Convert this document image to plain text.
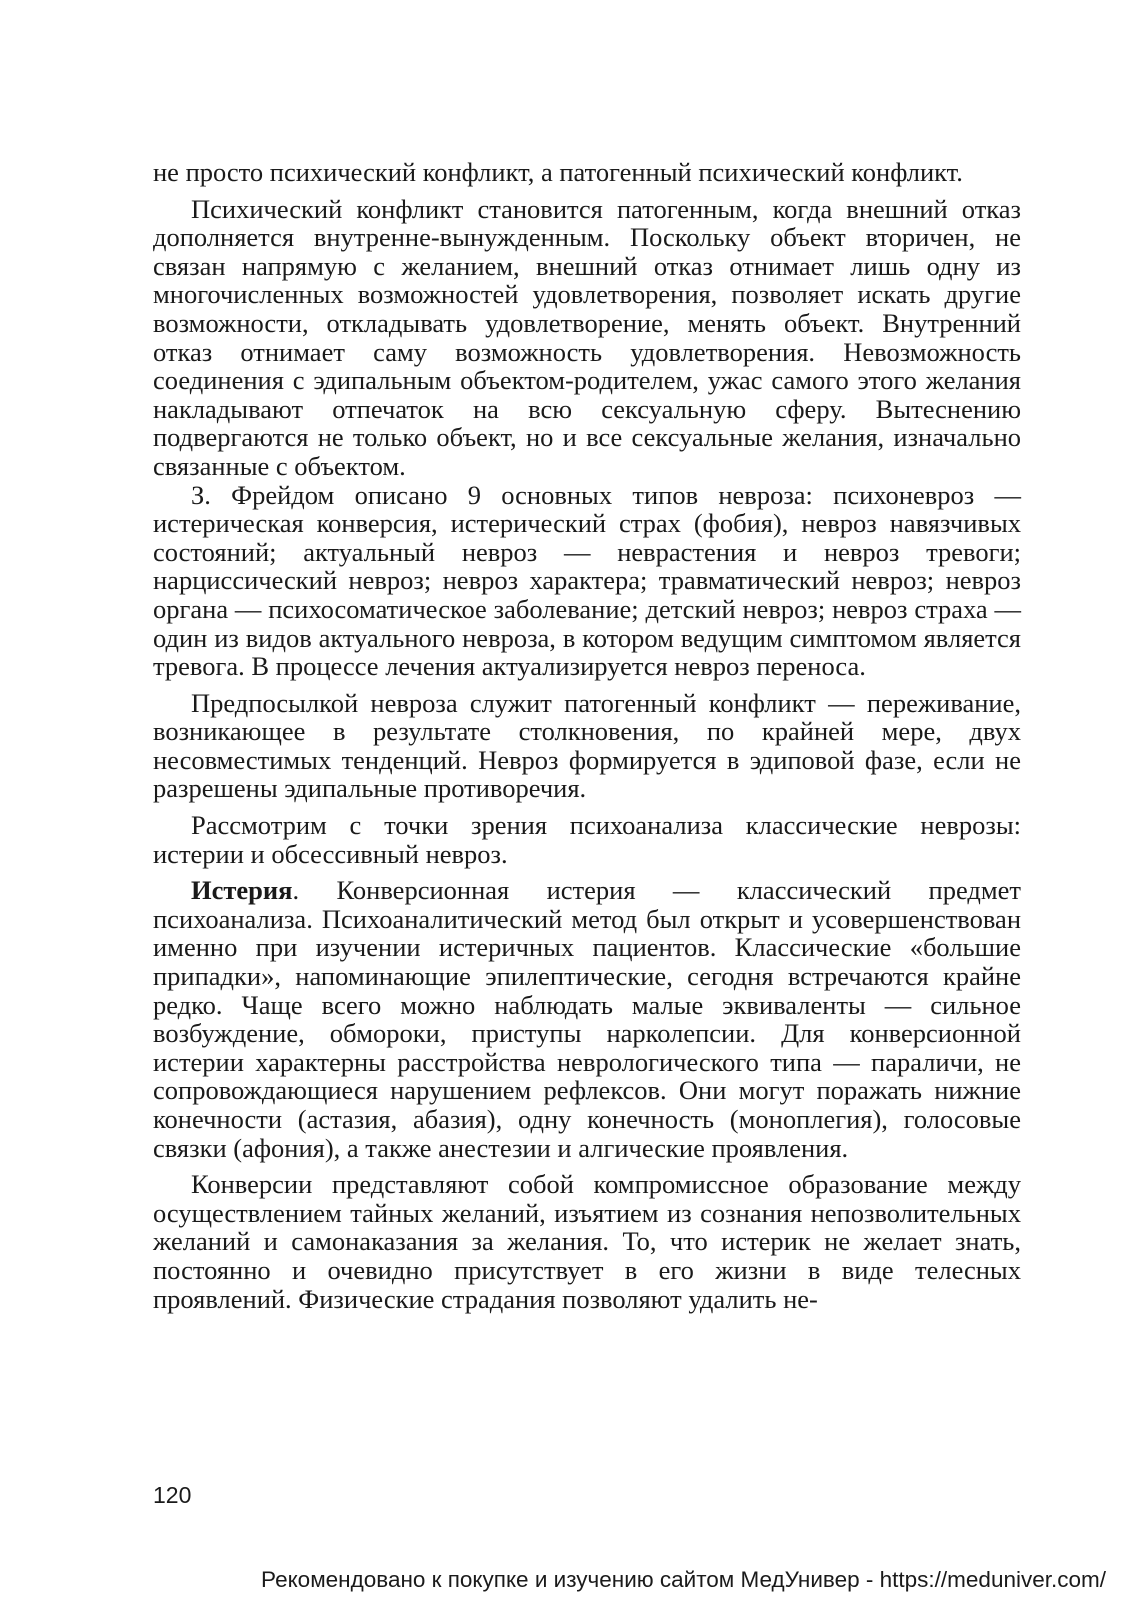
не просто психический конфликт, а патогенный психический конфликт.

Психический конфликт становится патогенным, когда внешний отказ дополняется внутренне-вынужденным. Поскольку объект вторичен, не связан напрямую с желанием, внешний отказ отнимает лишь одну из многочисленных возможностей удовлетворения, позволяет искать другие возможности, откладывать удовлетворение, менять объект. Внутренний отказ отнимает саму возможность удовлетворения. Невозможность соединения с эдипальным объектом-родителем, ужас самого этого желания накладывают отпечаток на всю сексуальную сферу. Вытеснению подвергаются не только объект, но и все сексуальные желания, изначально связанные с объектом.

З. Фрейдом описано 9 основных типов невроза: психоневроз — истерическая конверсия, истерический страх (фобия), невроз навязчивых состояний; актуальный невроз — неврастения и невроз тревоги; нарциссический невроз; невроз характера; травматический невроз; невроз органа — психосоматическое заболевание; детский невроз; невроз страха — один из видов актуального невроза, в котором ведущим симптомом является тревога. В процессе лечения актуализируется невроз переноса.

Предпосылкой невроза служит патогенный конфликт — переживание, возникающее в результате столкновения, по крайней мере, двух несовместимых тенденций. Невроз формируется в эдиповой фазе, если не разрешены эдипальные противоречия.

Рассмотрим с точки зрения психоанализа классические неврозы: истерии и обсессивный невроз.

Истерия. Конверсионная истерия — классический предмет психоанализа. Психоаналитический метод был открыт и усовершенствован именно при изучении истеричных пациентов. Классические «большие припадки», напоминающие эпилептические, сегодня встречаются крайне редко. Чаще всего можно наблюдать малые эквиваленты — сильное возбуждение, обмороки, приступы нарколепсии. Для конверсионной истерии характерны расстройства неврологического типа — параличи, не сопровождающиеся нарушением рефлексов. Они могут поражать нижние конечности (астазия, абазия), одну конечность (моноплегия), голосовые связки (афония), а также анестезии и алгические проявления.

Конверсии представляют собой компромиссное образование между осуществлением тайных желаний, изъятием из сознания непозволительных желаний и самонаказания за желания. То, что истерик не желает знать, постоянно и очевидно присутствует в его жизни в виде телесных проявлений. Физические страдания позволяют удалить не-

120
Рекомендовано к покупке и изучению сайтом МедУнивер - https://meduniver.com/
